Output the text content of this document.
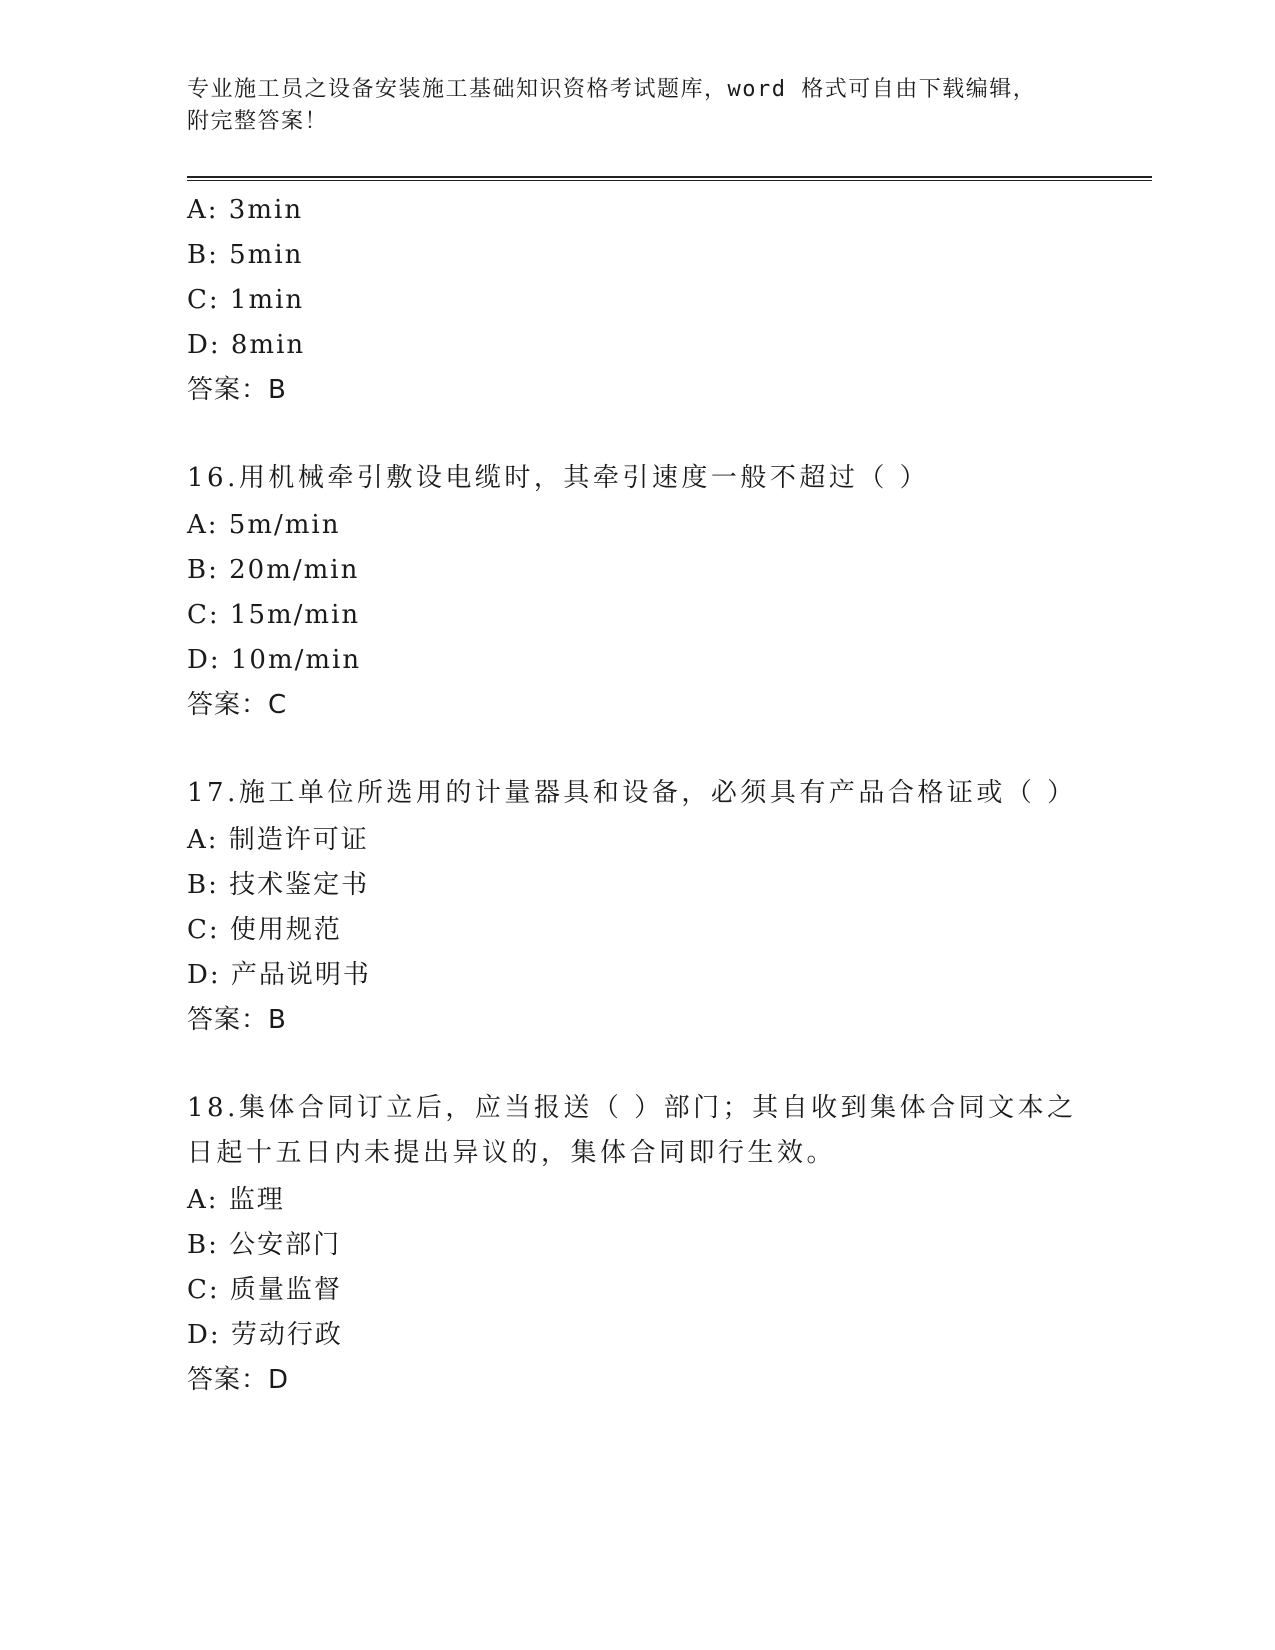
专业施工员之设备安装施工基础知识资格考试题库，word 格式可自由下载编辑，
附完整答案！
A: 3min
B: 5min
C: 1min
D: 8min
答案：B
16.用机械牵引敷设电缆时，其牵引速度一般不超过（ ）
A: 5m/min
B: 20m/min
C: 15m/min
D: 10m/min
答案：C
17.施工单位所选用的计量器具和设备，必须具有产品合格证或（ ）
A: 制造许可证
B: 技术鉴定书
C: 使用规范
D: 产品说明书
答案：B
18.集体合同订立后，应当报送（ ）部门；其自收到集体合同文本之
日起十五日内未提出异议的，集体合同即行生效。
A: 监理
B: 公安部门
C: 质量监督
D: 劳动行政
答案：D
